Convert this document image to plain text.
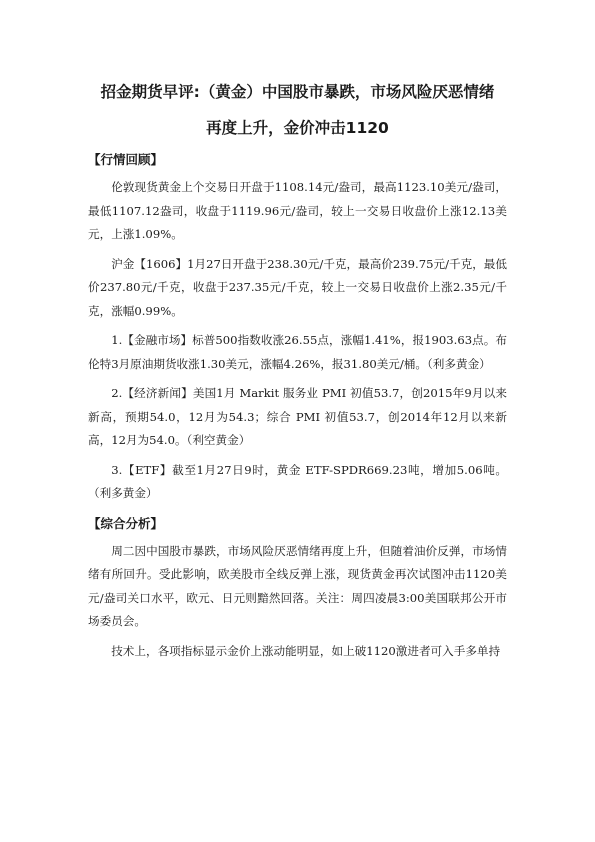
招金期货早评:（黄金）中国股市暴跌，市场风险厌恶情绪
再度上升，金价冲击1120
【行情回顾】

伦敦现货黄金上个交易日开盘于1108.14元/盎司，最高1123.10美元/盎司，最低1107.12盎司，收盘于1119.96元/盎司，较上一交易日收盘价上涨12.13美元，上涨1.09%。

沪金【1606】1月27日开盘于238.30元/千克，最高价239.75元/千克，最低价237.80元/千克，收盘于237.35元/千克，较上一交易日收盘价上涨2.35元/千克，涨幅0.99%。

1.【金融市场】标普500指数收涨26.55点，涨幅1.41%，报1903.63点。布伦特3月原油期货收涨1.30美元，涨幅4.26%，报31.80美元/桶。（利多黄金）

2.【经济新闻】美国1月 Markit 服务业 PMI 初值53.7，创2015年9月以来新高，预期54.0，12月为54.3；综合 PMI 初值53.7，创2014年12月以来新高，12月为54.0。（利空黄金）

3.【ETF】截至1月27日9时，黄金 ETF-SPDR669.23吨，增加5.06吨。（利多黄金）

【综合分析】

周二因中国股市暴跌，市场风险厌恶情绪再度上升，但随着油价反弹，市场情绪有所回升。受此影响，欧美股市全线反弹上涨，现货黄金再次试图冲击1120美元/盎司关口水平，欧元、日元则黯然回落。关注：周四凌晨3:00美国联邦公开市场委员会。

技术上，各项指标显示金价上涨动能明显，如上破1120激进者可入手多单持
